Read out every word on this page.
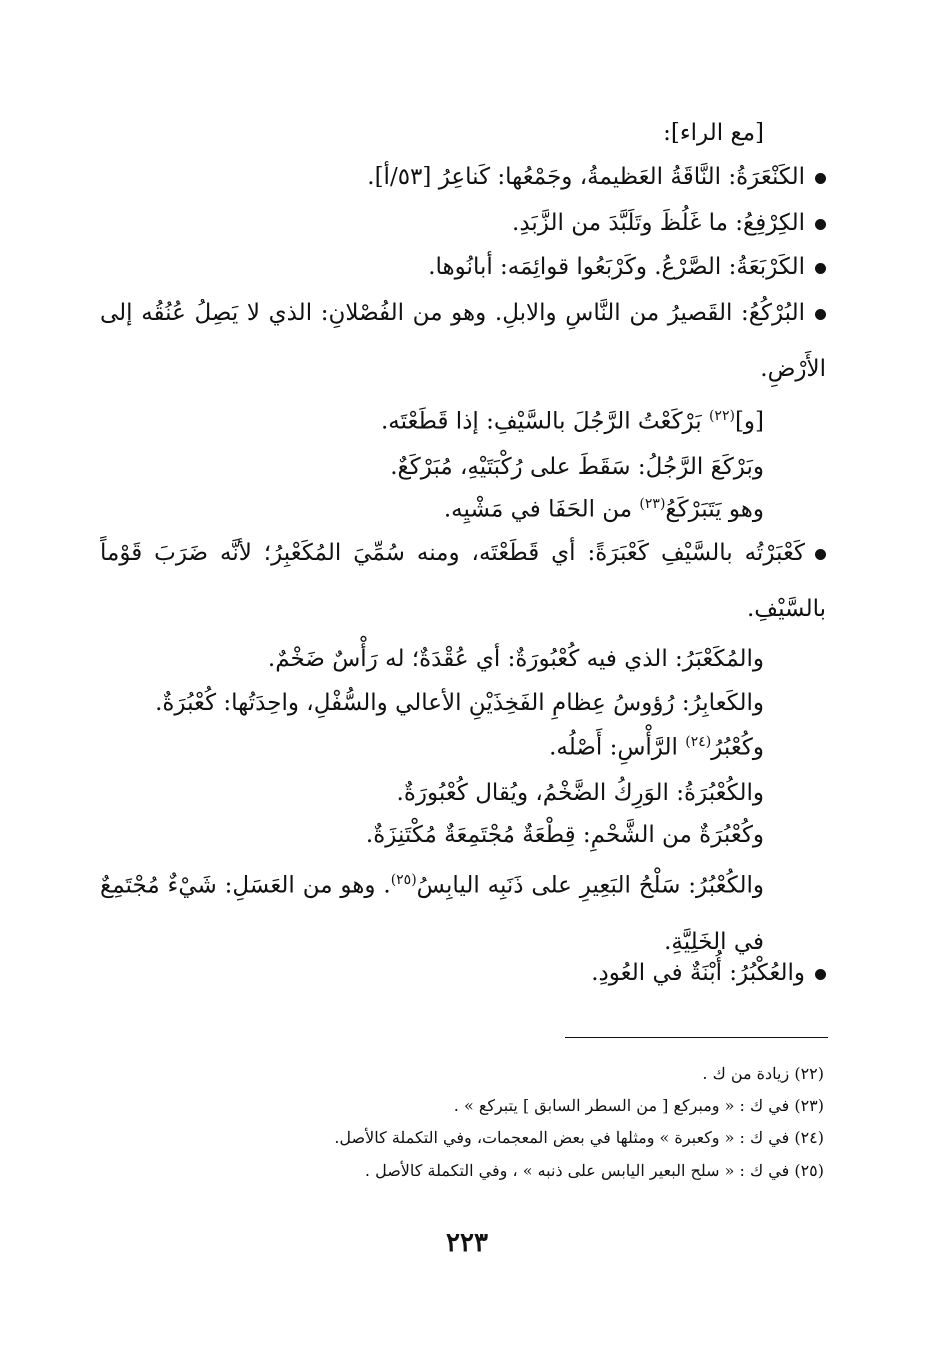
[مع الراء]:
الكَنْعَرَةُ: النَّاقَةُ العَظيمةُ، وجَمْعُها: كَناعِرُ [٥٣/أ].
الكِرْفِعُ: ما غَلُظَ وتَلَبَّدَ من الزَّبَدِ.
الكَرْبَعَةُ: الصَّرْعُ. وكَرْبَعُوا قوائِمَه: أبانُوها.
البُرْكُعُ: القَصيرُ من النَّاسِ والابلِ. وهو من الفُصْلانِ: الذي لا يَصِلُ عُنُقُه إلى الأَرْضِ.
[و]$^{(٢٢)}$ بَرْكَعْتُ الرَّجُلَ بالسَّيْفِ: إذا قَطَعْتَه.
وبَرْكَعَ الرَّجُلُ: سَقَطَ على رُكْبَتَيْهِ، مُبَرْكَعٌ.
وهو يَتَبَرْكَعُ$^{(٢٣)}$ من الحَفَا في مَشْيِه.
كَعْبَرْتُه بالسَّيْفِ كَعْبَرَةً: أي قَطَعْتَه، ومنه سُمِّيَ المُكَعْبِرُ؛ لأنَّه ضَرَبَ قَوْماً بالسَّيْفِ.
والمُكَعْبَرُ: الذي فيه كُعْبُورَةٌ: أي عُقْدَةٌ؛ له رَأْسٌ ضَخْمٌ.
والكَعابِرُ: رُؤوسُ عِظامِ الفَخِذَيْنِ الأعالي والسُّفْلِ، واحِدَتُها: كُعْبُرَةٌ.
وكُعْبُرُ$^{(٢٤)}$ الرَّأْسِ: أَصْلُه.
والكُعْبُرَةُ: الوَرِكُ الضَّخْمُ، ويُقال كُعْبُورَةٌ.
وكُعْبُرَةٌ من الشَّحْمِ: قِطْعَةٌ مُجْتَمِعَةٌ مُكْتَنِزَةٌ.
والكُعْبُرُ: سَلْحُ البَعِيرِ على ذَنَبِه اليابِسُ$^{(٢٥)}$. وهو من العَسَلِ: شَيْءٌ مُجْتَمِعٌ في الخَلِيَّةِ.
والعُكْبُرُ: أُبْنَةٌ في العُودِ.
(٢٢) زيادة من ك .
(٢٣) في ك : « ومبركع [ من السطر السابق ] يتبركع » .
(٢٤) في ك : « وكعبرة » ومثلها في بعض المعجمات، وفي التكملة كالأصل.
(٢٥) في ك : « سلح البعير اليابس على ذنبه » ، وفي التكملة كالأصل .
٢٢٣
